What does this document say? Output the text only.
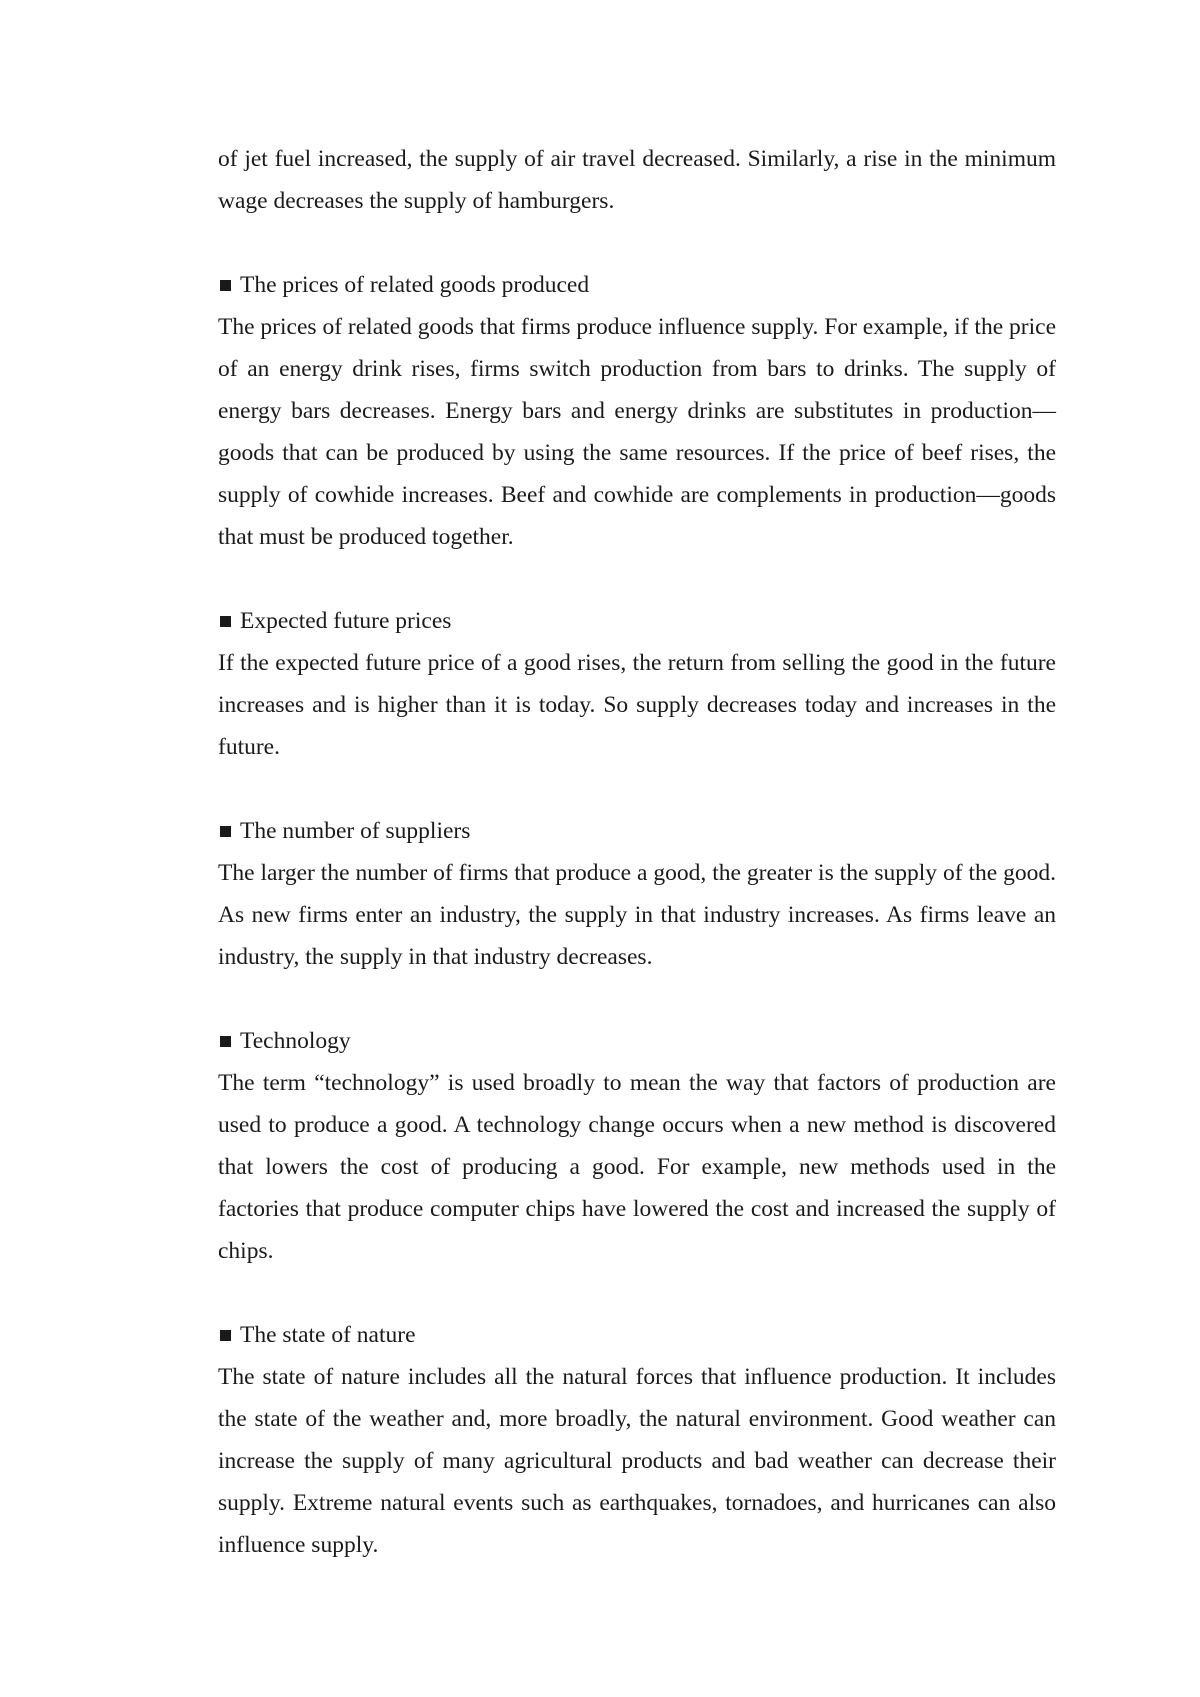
of jet fuel increased, the supply of air travel decreased. Similarly, a rise in the minimum wage decreases the supply of hamburgers.

The prices of related goods produced

The prices of related goods that firms produce influence supply. For example, if the price of an energy drink rises, firms switch production from bars to drinks. The supply of energy bars decreases. Energy bars and energy drinks are substitutes in production—goods that can be produced by using the same resources. If the price of beef rises, the supply of cowhide increases. Beef and cowhide are complements in production—goods that must be produced together.

Expected future prices

If the expected future price of a good rises, the return from selling the good in the future increases and is higher than it is today. So supply decreases today and increases in the future.

The number of suppliers

The larger the number of firms that produce a good, the greater is the supply of the good. As new firms enter an industry, the supply in that industry increases. As firms leave an industry, the supply in that industry decreases.

Technology

The term “technology” is used broadly to mean the way that factors of production are used to produce a good. A technology change occurs when a new method is discovered that lowers the cost of producing a good. For example, new methods used in the factories that produce computer chips have lowered the cost and increased the supply of chips.

The state of nature

The state of nature includes all the natural forces that influence production. It includes the state of the weather and, more broadly, the natural environment. Good weather can increase the supply of many agricultural products and bad weather can decrease their supply. Extreme natural events such as earthquakes, tornadoes, and hurricanes can also influence supply.
